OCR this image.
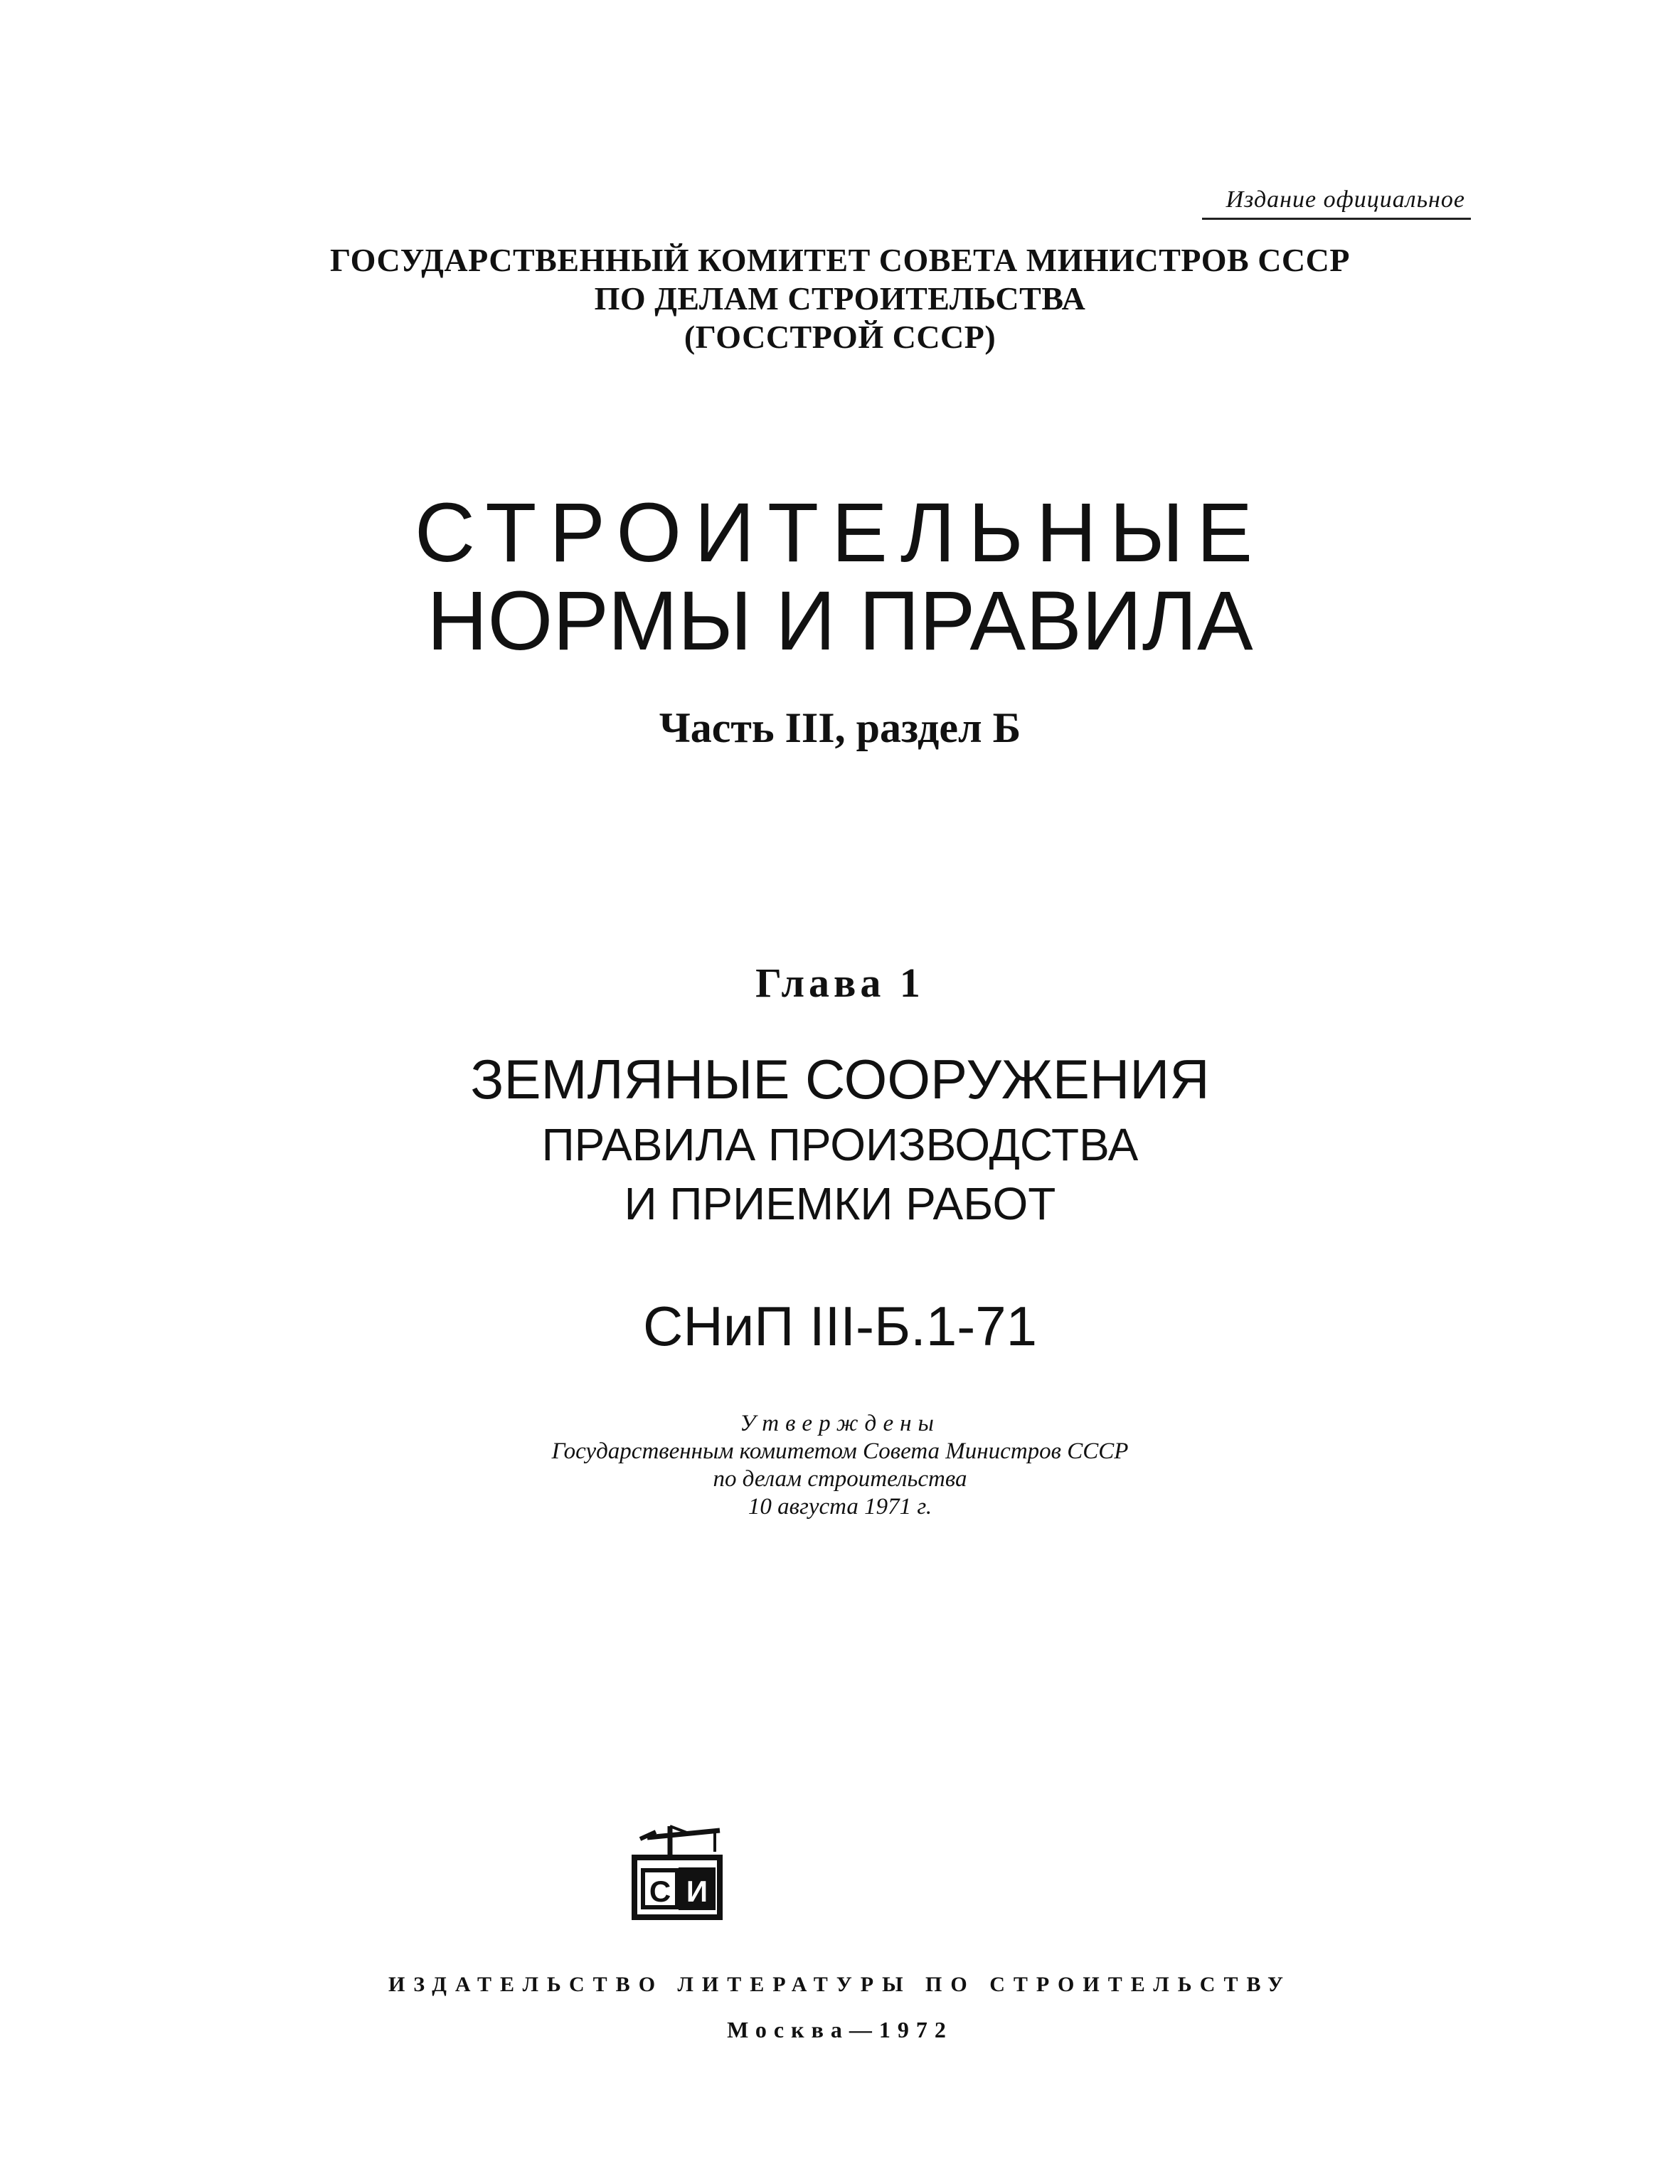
Издание официальное
ГОСУДАРСТВЕННЫЙ КОМИТЕТ СОВЕТА МИНИСТРОВ СССР
ПО ДЕЛАМ СТРОИТЕЛЬСТВА
(ГОССТРОЙ СССР)
СТРОИТЕЛЬНЫЕ
НОРМЫ И ПРАВИЛА
Часть III, раздел Б
Глава 1
ЗЕМЛЯНЫЕ СООРУЖЕНИЯ
ПРАВИЛА ПРОИЗВОДСТВА
И ПРИЕМКИ РАБОТ
СНиП III-Б.1-71
Утверждены
Государственным комитетом Совета Министров СССР
по делам строительства
10 августа 1971 г.
С И
ИЗДАТЕЛЬСТВО ЛИТЕРАТУРЫ ПО СТРОИТЕЛЬСТВУ
Москва—1972
